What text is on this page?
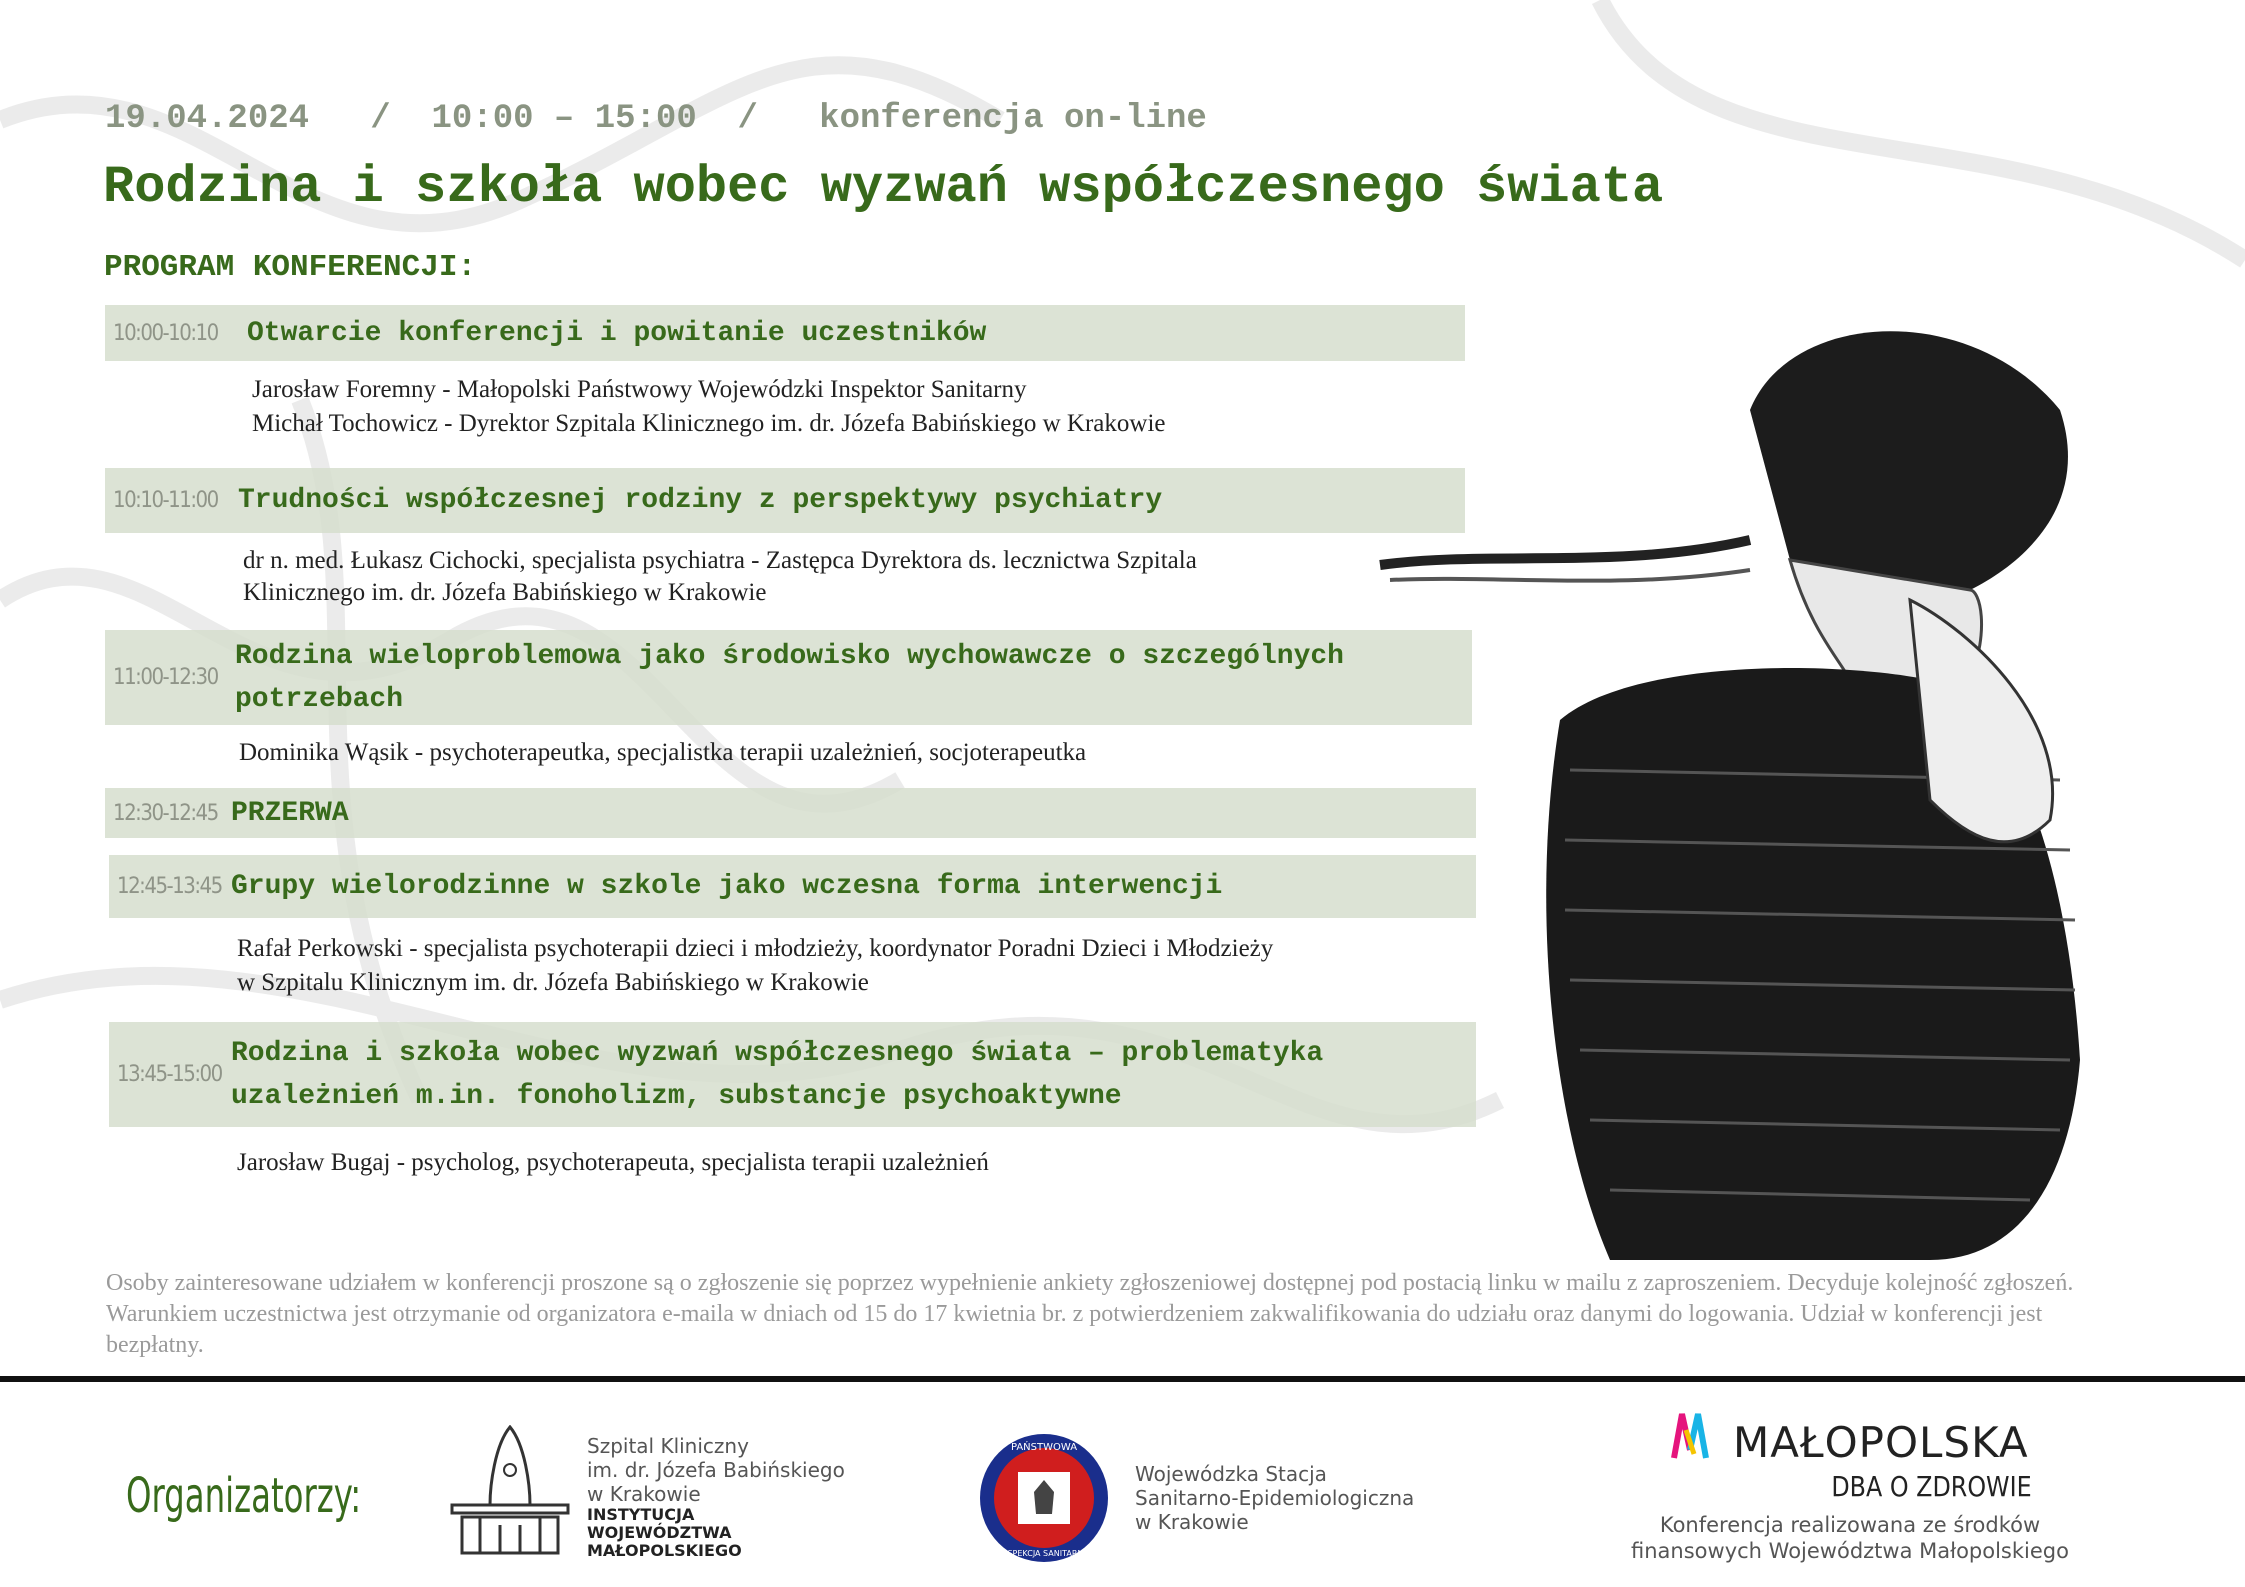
19.04.2024 / 10:00 – 15:00 / konferencja on-line
Rodzina i szkoła wobec wyzwań współczesnego świata
PROGRAM KONFERENCJI:
10:00-10:10	Otwarcie konferencji i powitanie uczestników
Jarosław Foremny - Małopolski Państwowy Wojewódzki Inspektor Sanitarny
Michał Tochowicz - Dyrektor Szpitala Klinicznego im. dr. Józefa Babińskiego w Krakowie
10:10-11:00 Trudności współczesnej rodziny z perspektywy psychiatry
dr n. med. Łukasz Cichocki, specjalista psychiatra - Zastępca Dyrektora ds. lecznictwa Szpitala
Klinicznego im. dr. Józefa Babińskiego w Krakowie
11:00-12:30
Rodzina wieloproblemowa jako środowisko wychowawcze o szczególnych potrzebach
Dominika Wąsik - psychoterapeutka, specjalistka terapii uzależnień, socjoterapeutka
12:30-12:45 PRZERWA
12:45-13:45 Grupy wielorodzinne w szkole jako wczesna forma interwencji
Rafał Perkowski - specjalista psychoterapii dzieci i młodzieży, koordynator Poradni Dzieci i Młodzieży
w Szpitalu Klinicznym im. dr. Józefa Babińskiego w Krakowie
13:45-15:00
Rodzina i szkoła wobec wyzwań współczesnego świata – problematyka uzależnień m.in. fonoholizm, substancje psychoaktywne
Jarosław Bugaj - psycholog, psychoterapeuta, specjalista terapii uzależnień
Osoby zainteresowane udziałem w konferencji proszone są o zgłoszenie się poprzez wypełnienie ankiety zgłoszeniowej dostępnej pod postacią linku w mailu z zaproszeniem. Decyduje kolejność zgłoszeń. Warunkiem uczestnictwa jest otrzymanie od organizatora e-maila w dniach od 15 do 17 kwietnia br. z potwierdzeniem zakwalifikowania do udziału oraz danymi do logowania. Udział w konferencji jest bezpłatny.
Organizatorzy:
Szpital Kliniczny
im. dr. Józefa Babińskiego
w Krakowie
INSTYTUCJA
WOJEWÓDZTWA
MAŁOPOLSKIEGO
PAŃSTWOWA
INSPEKCJA SANITARNA
Wojewódzka Stacja
Sanitarno-Epidemiologiczna
w Krakowie
MAŁOPOLSKA
DBA O ZDROWIE
Konferencja realizowana ze środków
finansowych Województwa Małopolskiego
